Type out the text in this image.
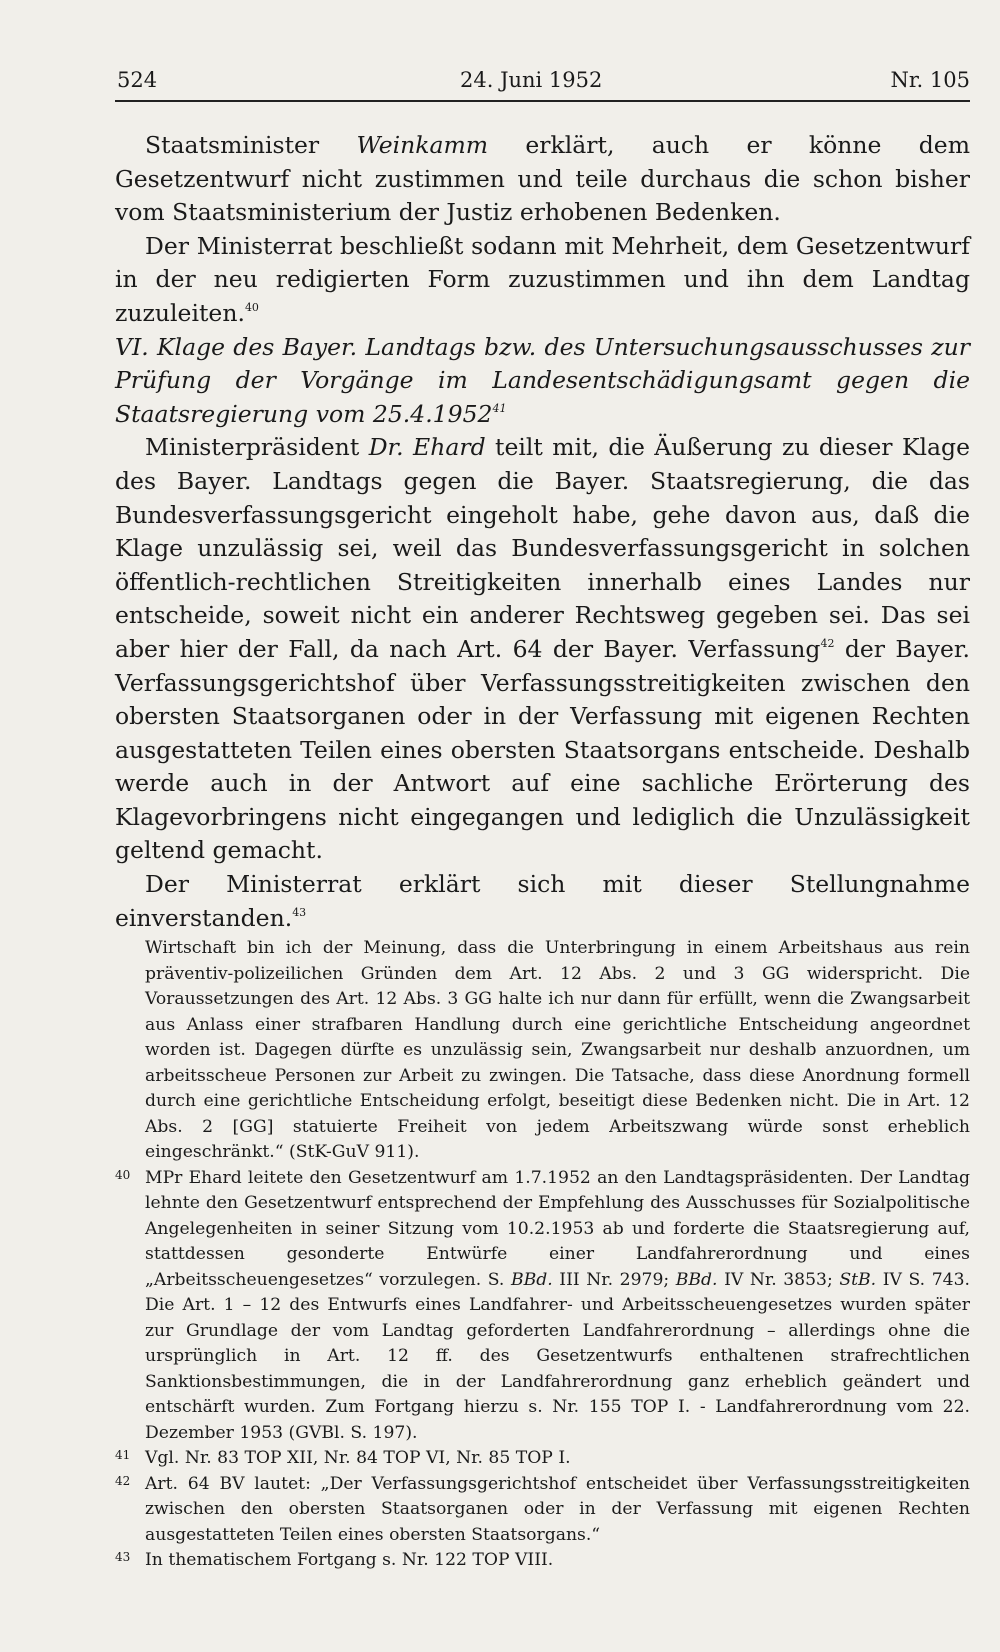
524	24. Juni 1952	Nr. 105

Staatsminister Weinkamm erklärt, auch er könne dem Gesetzentwurf nicht zustimmen und teile durchaus die schon bisher vom Staatsministerium der Justiz erhobenen Bedenken.

Der Ministerrat beschließt sodann mit Mehrheit, dem Gesetzentwurf in der neu redigierten Form zuzustimmen und ihn dem Landtag zuzuleiten.$^{40}$

VI. Klage des Bayer. Landtags bzw. des Untersuchungsausschusses zur Prüfung der Vorgänge im Landesentschädigungsamt gegen die Staatsregierung vom 25.4.1952$^{41}$

Ministerpräsident Dr. Ehard teilt mit, die Äußerung zu dieser Klage des Bayer. Landtags gegen die Bayer. Staatsregierung, die das Bundesverfassungsgericht eingeholt habe, gehe davon aus, daß die Klage unzulässig sei, weil das Bundesverfassungsgericht in solchen öffentlich-rechtlichen Streitigkeiten innerhalb eines Landes nur entscheide, soweit nicht ein anderer Rechtsweg gegeben sei. Das sei aber hier der Fall, da nach Art. 64 der Bayer. Verfassung$^{42}$ der Bayer. Verfassungsgerichtshof über Verfassungsstreitigkeiten zwischen den obersten Staatsorganen oder in der Verfassung mit eigenen Rechten ausgestatteten Teilen eines obersten Staatsorgans entscheide. Deshalb werde auch in der Antwort auf eine sachliche Erörterung des Klagevorbringens nicht eingegangen und lediglich die Unzulässigkeit geltend gemacht.

Der Ministerrat erklärt sich mit dieser Stellungnahme einverstanden.$^{43}$

Wirtschaft bin ich der Meinung, dass die Unterbringung in einem Arbeitshaus aus rein präventiv-polizeilichen Gründen dem Art. 12 Abs. 2 und 3 GG widerspricht. Die Voraussetzungen des Art. 12 Abs. 3 GG halte ich nur dann für erfüllt, wenn die Zwangsarbeit aus Anlass einer strafbaren Handlung durch eine gerichtliche Entscheidung angeordnet worden ist. Dagegen dürfte es unzulässig sein, Zwangsarbeit nur deshalb anzuordnen, um arbeitsscheue Personen zur Arbeit zu zwingen. Die Tatsache, dass diese Anordnung formell durch eine gerichtliche Entscheidung erfolgt, beseitigt diese Bedenken nicht. Die in Art. 12 Abs. 2 [GG] statuierte Freiheit von jedem Arbeitszwang würde sonst erheblich eingeschränkt.“ (StK-GuV 911).
40 MPr Ehard leitete den Gesetzentwurf am 1.7.1952 an den Landtagspräsidenten. Der Landtag lehnte den Gesetzentwurf entsprechend der Empfehlung des Ausschusses für Sozialpolitische Angelegenheiten in seiner Sitzung vom 10.2.1953 ab und forderte die Staatsregierung auf, stattdessen gesonderte Entwürfe einer Landfahrerordnung und eines „Arbeitsscheuengesetzes“ vorzulegen. S. BBd. III Nr. 2979; BBd. IV Nr. 3853; StB. IV S. 743. Die Art. 1 – 12 des Entwurfs eines Landfahrer- und Arbeitsscheuengesetzes wurden später zur Grundlage der vom Landtag geforderten Landfahrerordnung – allerdings ohne die ursprünglich in Art. 12 ff. des Gesetzentwurfs enthaltenen strafrechtlichen Sanktionsbestimmungen, die in der Landfahrerordnung ganz erheblich geändert und entschärft wurden. Zum Fortgang hierzu s. Nr. 155 TOP I. - Landfahrerordnung vom 22. Dezember 1953 (GVBl. S. 197).
41 Vgl. Nr. 83 TOP XII, Nr. 84 TOP VI, Nr. 85 TOP I.
42 Art. 64 BV lautet: „Der Verfassungsgerichtshof entscheidet über Verfassungsstreitigkeiten zwischen den obersten Staatsorganen oder in der Verfassung mit eigenen Rechten ausgestatteten Teilen eines obersten Staatsorgans.“
43 In thematischem Fortgang s. Nr. 122 TOP VIII.
